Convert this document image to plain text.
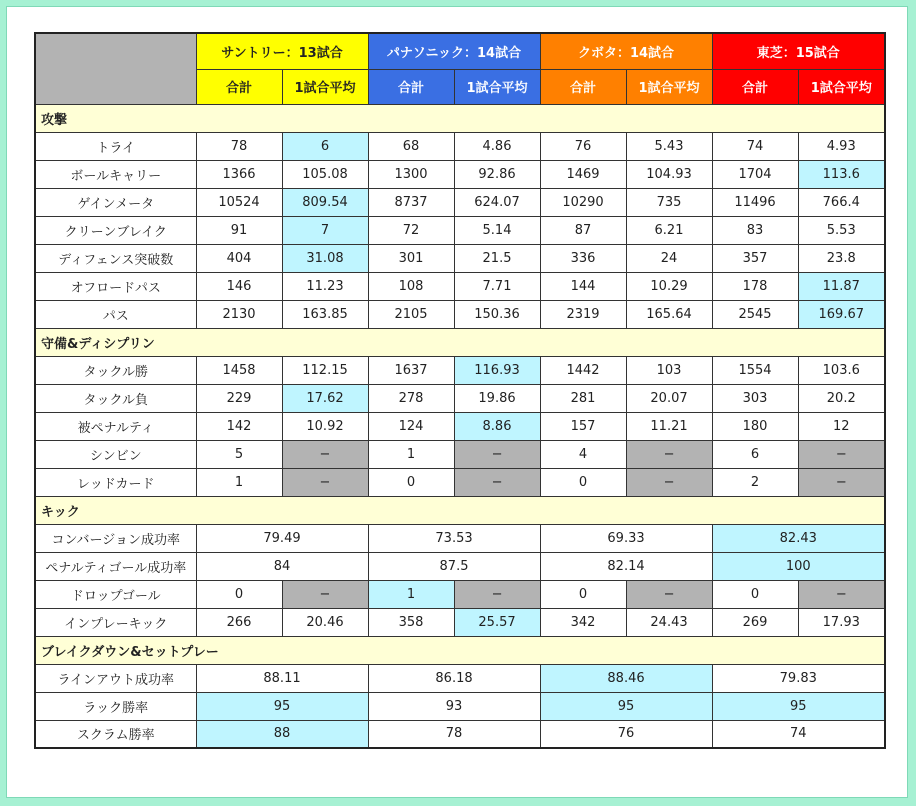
	サントリー：13試合		パナソニック：14試合		クボタ：14試合		東芝：15試合	
	合計	1試合平均	合計	1試合平均	合計	1試合平均	合計	1試合平均
攻撃								
トライ	78	6	68	4.86	76	5.43	74	4.93
ボールキャリー	1366	105.08	1300	92.86	1469	104.93	1704	113.6
ゲインメータ	10524	809.54	8737	624.07	10290	735	11496	766.4
クリーンブレイク	91	7	72	5.14	87	6.21	83	5.53
ディフェンス突破数	404	31.08	301	21.5	336	24	357	23.8
オフロードパス	146	11.23	108	7.71	144	10.29	178	11.87
パス	2130	163.85	2105	150.36	2319	165.64	2545	169.67
守備&ディシプリン								
タックル勝	1458	112.15	1637	116.93	1442	103	1554	103.6
タックル負	229	17.62	278	19.86	281	20.07	303	20.2
被ペナルティ	142	10.92	124	8.86	157	11.21	180	12
シンビン	5	−	1	−	4	−	6	−
レッドカード	1	−	0	−	0	−	2	−
キック								
コンバージョン成功率	79.49		73.53		69.33		82.43	
ペナルティゴール成功率	84		87.5		82.14		100	
ドロップゴール	0	−	1	−	0	−	0	−
インプレーキック	266	20.46	358	25.57	342	24.43	269	17.93
ブレイクダウン&セットプレー								
ラインアウト成功率	88.11		86.18		88.46		79.83	
ラック勝率	95		93		95		95	
スクラム勝率	88		78		76		74	
